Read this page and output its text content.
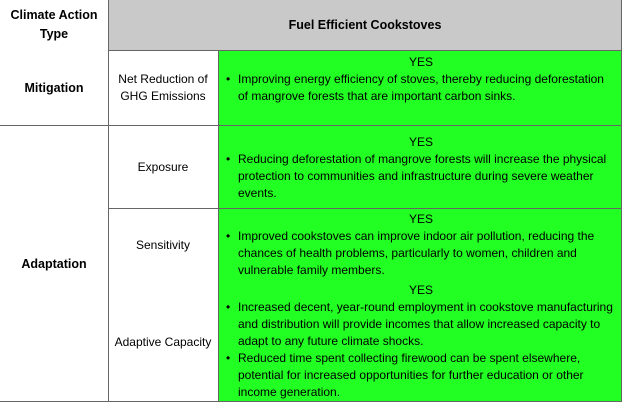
Climate Action Type
Fuel Efficient Cookstoves
Mitigation
Adaptation
Net Reduction of GHG Emissions
Exposure
Sensitivity
Adaptive Capacity
YES
• Improving energy efficiency of stoves, thereby reducing deforestation of mangrove forests that are important carbon sinks.
YES
• Reducing deforestation of mangrove forests will increase the physical protection to communities and infrastructure during severe weather events.
YES
• Improved cookstoves can improve indoor air pollution, reducing the chances of health problems, particularly to women, children and vulnerable family members.
YES
• Increased decent, year-round employment in cookstove manufacturing and distribution will provide incomes that allow increased capacity to adapt to any future climate shocks.
• Reduced time spent collecting firewood can be spent elsewhere, potential for increased opportunities for further education or other income generation.
